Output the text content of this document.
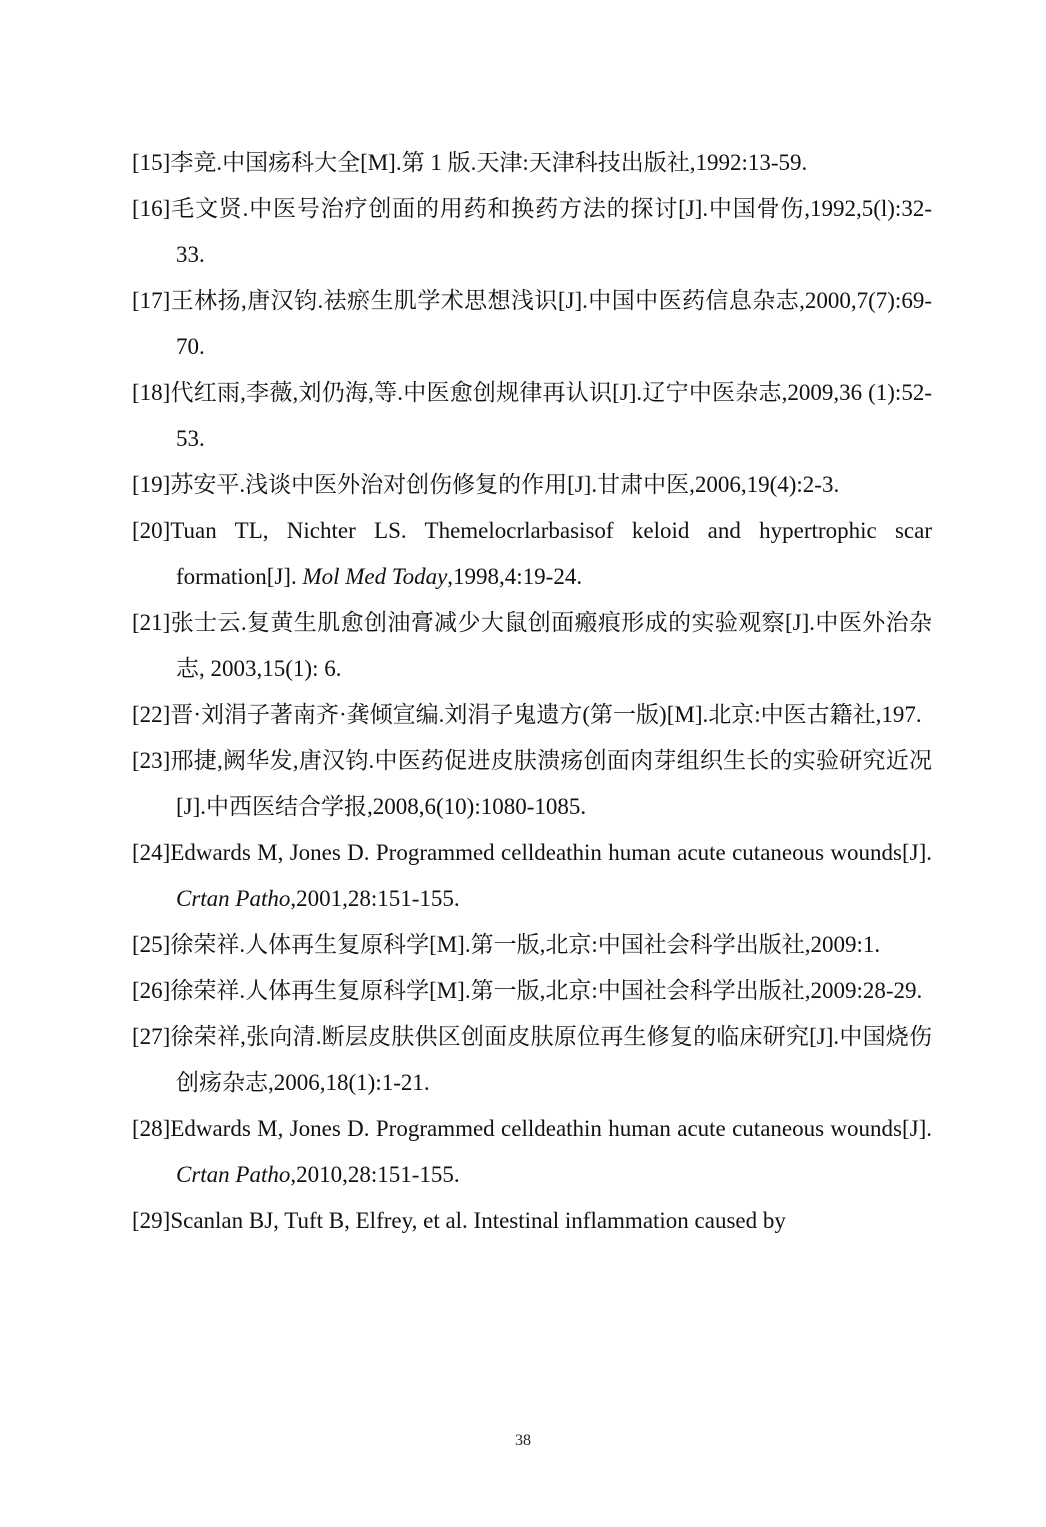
[15]李竞.中国疡科大全[M].第 1 版.天津:天津科技出版社,1992:13-59.
[16]毛文贤.中医号治疗创面的用药和换药方法的探讨[J].中国骨伤,1992,5(l):32-33.
[17]王林扬,唐汉钧.祛瘀生肌学术思想浅识[J].中国中医药信息杂志,2000,7(7):69-70.
[18]代红雨,李薇,刘仍海,等.中医愈创规律再认识[J].辽宁中医杂志,2009,36 (1):52-53.
[19]苏安平.浅谈中医外治对创伤修复的作用[J].甘肃中医,2006,19(4):2-3.
[20]Tuan TL, Nichter LS. Themelocrlarbasisof keloid and hypertrophic scar formation[J]. Mol Med Today,1998,4:19-24.
[21]张士云.复黄生肌愈创油膏减少大鼠创面瘢痕形成的实验观察[J].中医外治杂志, 2003,15(1): 6.
[22]晋·刘涓子著南齐·龚倾宣编.刘涓子鬼遗方(第一版)[M].北京:中医古籍社,197.
[23]邢捷,阙华发,唐汉钧.中医药促进皮肤溃疡创面肉芽组织生长的实验研究近况[J].中西医结合学报,2008,6(10):1080-1085.
[24]Edwards M, Jones D. Programmed celldeathin human acute cutaneous wounds[J]. Crtan Patho,2001,28:151-155.
[25]徐荣祥.人体再生复原科学[M].第一版,北京:中国社会科学出版社,2009:1.
[26]徐荣祥.人体再生复原科学[M].第一版,北京:中国社会科学出版社,2009:28-29.
[27]徐荣祥,张向清.断层皮肤供区创面皮肤原位再生修复的临床研究[J].中国烧伤创疡杂志,2006,18(1):1-21.
[28]Edwards M, Jones D. Programmed celldeathin human acute cutaneous wounds[J]. Crtan Patho,2010,28:151-155.
[29]Scanlan BJ, Tuft B, Elfrey, et al. Intestinal inflammation caused by
38
